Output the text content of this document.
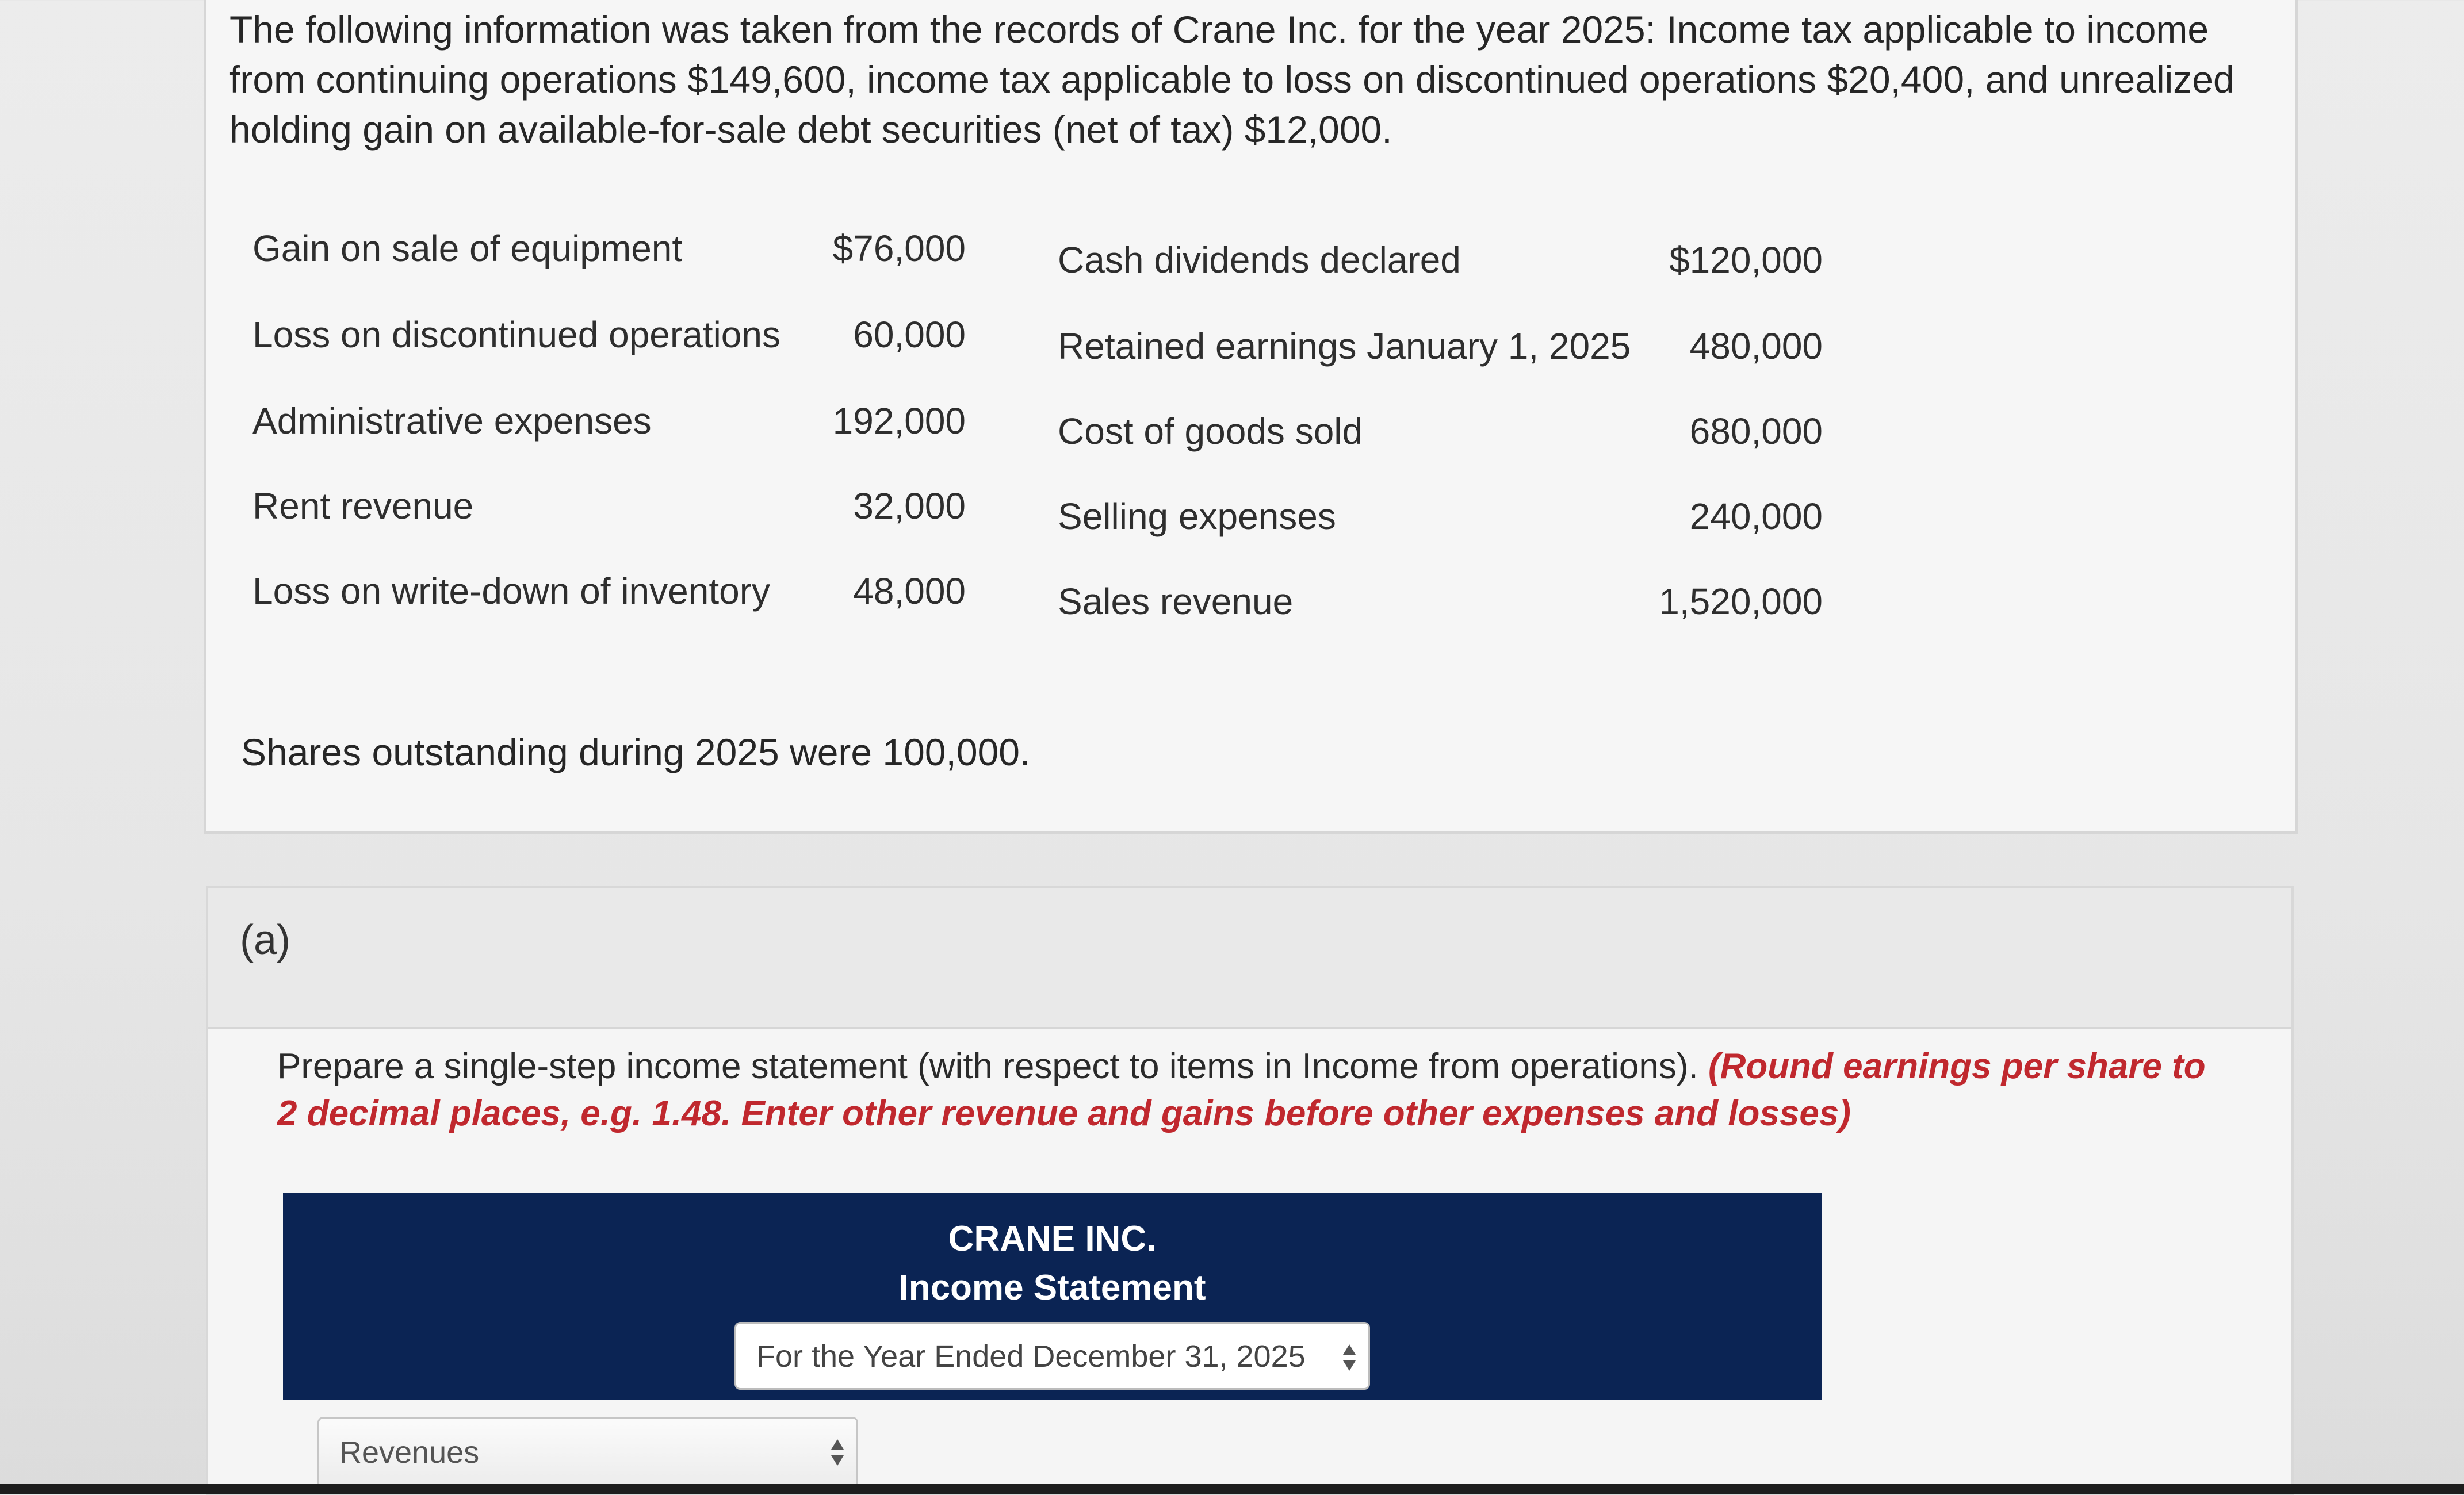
The following information was taken from the records of Crane Inc. for the year 2025: Income tax applicable to income from continuing operations $149,600, income tax applicable to loss on discontinued operations $20,400, and unrealized holding gain on available-for-sale debt securities (net of tax) $12,000.
Gain on sale of equipment	$76,000
Loss on discontinued operations	60,000
Administrative expenses	192,000
Rent revenue	32,000
Loss on write-down of inventory	48,000
Cash dividends declared	$120,000
Retained earnings January 1, 2025	480,000
Cost of goods sold	680,000
Selling expenses	240,000
Sales revenue	1,520,000
Shares outstanding during 2025 were 100,000.
(a)
Prepare a single-step income statement (with respect to items in Income from operations). (Round earnings per share to 2 decimal places, e.g. 1.48. Enter other revenue and gains before other expenses and losses)
CRANE INC.
Income Statement
For the Year Ended December 31, 2025
Revenues
